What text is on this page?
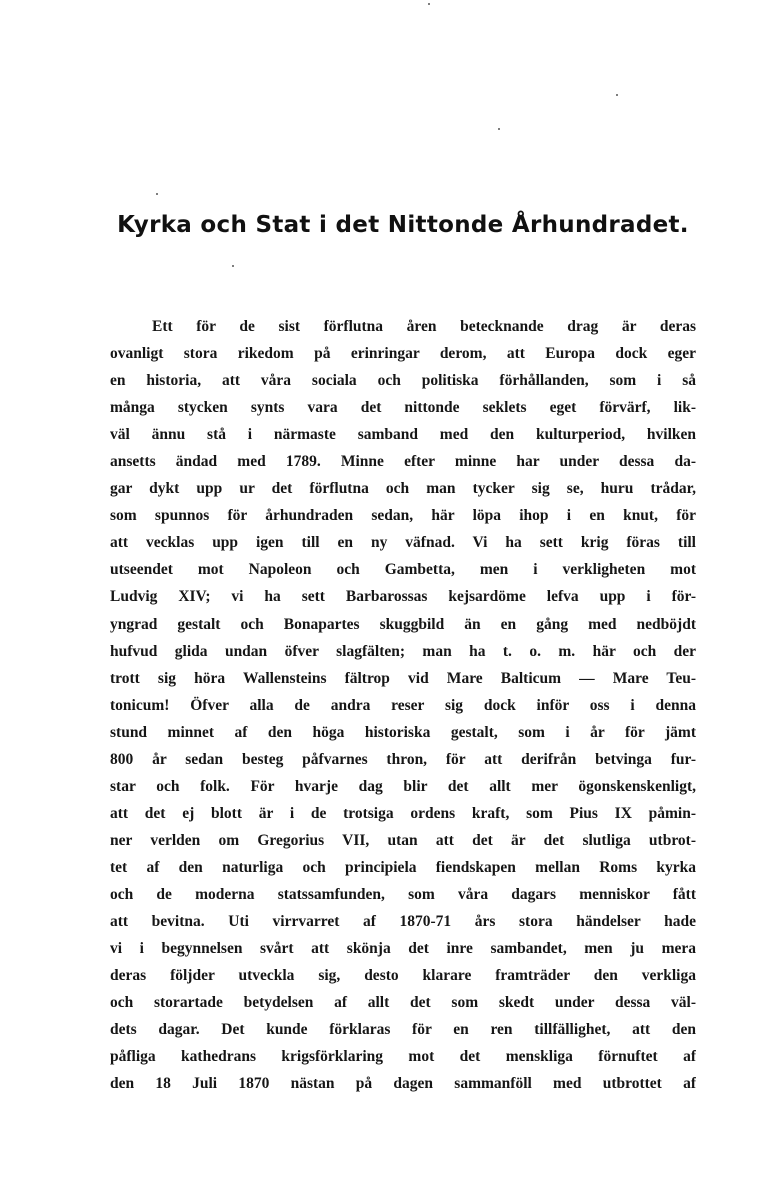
Kyrka och Stat i det Nittonde Århundradet.
Ett för de sist förflutna åren betecknande drag är deras
ovanligt stora rikedom på erinringar derom, att Europa dock eger
en historia, att våra sociala och politiska förhållanden, som i så
många stycken synts vara det nittonde seklets eget förvärf, lik-
väl ännu stå i närmaste samband med den kulturperiod, hvilken
ansetts ändad med 1789. Minne efter minne har under dessa da-
gar dykt upp ur det förflutna och man tycker sig se, huru trådar,
som spunnos för århundraden sedan, här löpa ihop i en knut, för
att vecklas upp igen till en ny väfnad. Vi ha sett krig föras till
utseendet mot Napoleon och Gambetta, men i verkligheten mot
Ludvig XIV; vi ha sett Barbarossas kejsardöme lefva upp i för-
yngrad gestalt och Bonapartes skuggbild än en gång med nedböjdt
hufvud glida undan öfver slagfälten; man ha t. o. m. här och der
trott sig höra Wallensteins fältrop vid Mare Balticum — Mare Teu-
tonicum! Öfver alla de andra reser sig dock inför oss i denna
stund minnet af den höga historiska gestalt, som i år för jämt
800 år sedan besteg påfvarnes thron, för att derifrån betvinga fur-
star och folk. För hvarje dag blir det allt mer ögonskenskenligt,
att det ej blott är i de trotsiga ordens kraft, som Pius IX påmin-
ner verlden om Gregorius VII, utan att det är det slutliga utbrot-
tet af den naturliga och principiela fiendskapen mellan Roms kyrka
och de moderna statssamfunden, som våra dagars menniskor fått
att bevitna. Uti virrvarret af 1870-71 års stora händelser hade
vi i begynnelsen svårt att skönja det inre sambandet, men ju mera
deras följder utveckla sig, desto klarare framträder den verkliga
och storartade betydelsen af allt det som skedt under dessa väl-
dets dagar. Det kunde förklaras för en ren tillfällighet, att den
påfliga kathedrans krigsförklaring mot det menskliga förnuftet af
den 18 Juli 1870 nästan på dagen sammanföll med utbrottet af
